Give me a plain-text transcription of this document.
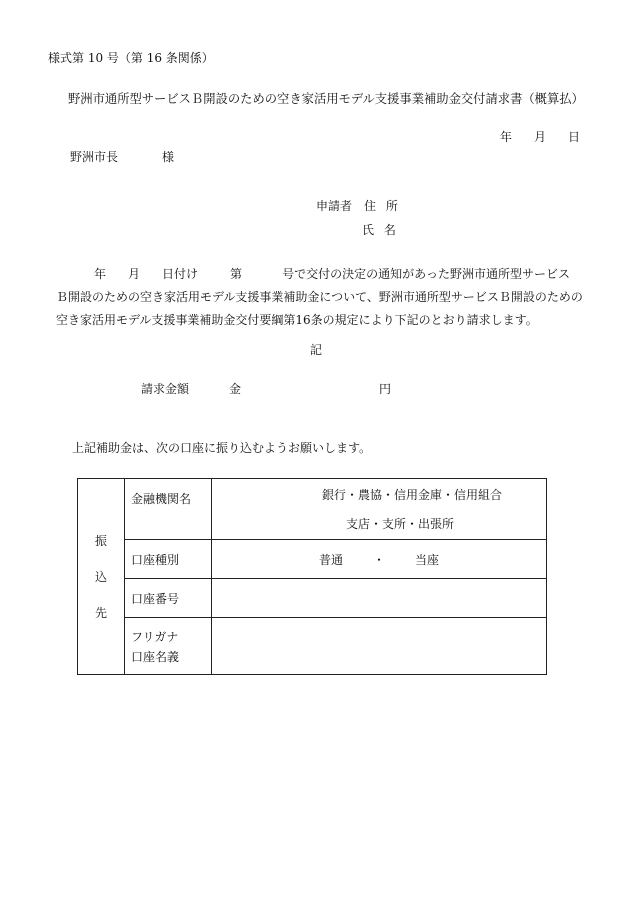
様式第 10 号（第 16 条関係）
野洲市通所型サービスＢ開設のための空き家活用モデル支援事業補助金交付請求書（概算払）
年 月 日
野洲市長	様
申請者 住 所
氏 名
年 月 日付け	第	号で交付の決定の通知があった野洲市通所型サービス
Ｂ開設のための空き家活用モデル支援事業補助金について、野洲市通所型サービスＢ開設のための
空き家活用モデル支援事業補助金交付要綱第16条の規定により下記のとおり請求します。
記
請求金額	金	円
上記補助金は、次の口座に振り込むようお願いします。
振
込
先	金融機関名	銀行・農協・信用金庫・信用組合
支店・支所・出張所

	口座種別	普通 ・ 当座
	口座番号	

	フリガナ
口座名義	
